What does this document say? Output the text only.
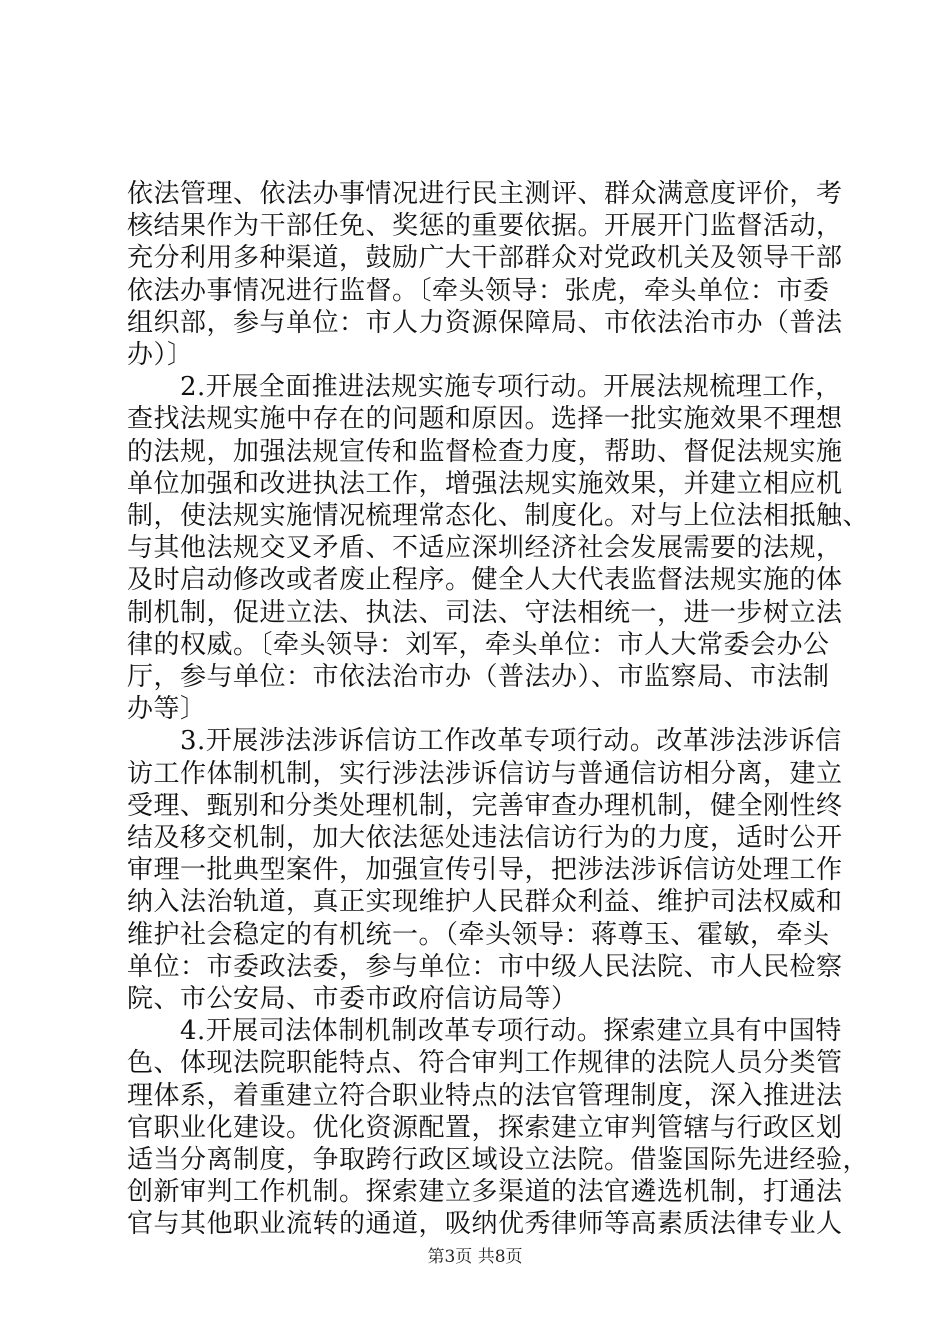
依法管理、依法办事情况进行民主测评、群众满意度评价，考
核结果作为干部任免、奖惩的重要依据。开展开门监督活动，
充分利用多种渠道，鼓励广大干部群众对党政机关及领导干部
依法办事情况进行监督。〔牵头领导：张虎，牵头单位：市委
组织部，参与单位：市人力资源保障局、市依法治市办（普法
办）〕
　　2.开展全面推进法规实施专项行动。开展法规梳理工作，
查找法规实施中存在的问题和原因。选择一批实施效果不理想
的法规，加强法规宣传和监督检查力度，帮助、督促法规实施
单位加强和改进执法工作，增强法规实施效果，并建立相应机
制，使法规实施情况梳理常态化、制度化。对与上位法相抵触、
与其他法规交叉矛盾、不适应深圳经济社会发展需要的法规，
及时启动修改或者废止程序。健全人大代表监督法规实施的体
制机制，促进立法、执法、司法、守法相统一，进一步树立法
律的权威。〔牵头领导：刘军，牵头单位：市人大常委会办公
厅，参与单位：市依法治市办（普法办）、市监察局、市法制
办等〕
　　3.开展涉法涉诉信访工作改革专项行动。改革涉法涉诉信
访工作体制机制，实行涉法涉诉信访与普通信访相分离，建立
受理、甄别和分类处理机制，完善审查办理机制，健全刚性终
结及移交机制，加大依法惩处违法信访行为的力度，适时公开
审理一批典型案件，加强宣传引导，把涉法涉诉信访处理工作
纳入法治轨道，真正实现维护人民群众利益、维护司法权威和
维护社会稳定的有机统一。（牵头领导：蒋尊玉、霍敏，牵头
单位：市委政法委，参与单位：市中级人民法院、市人民检察
院、市公安局、市委市政府信访局等）
　　4.开展司法体制机制改革专项行动。探索建立具有中国特
色、体现法院职能特点、符合审判工作规律的法院人员分类管
理体系，着重建立符合职业特点的法官管理制度，深入推进法
官职业化建设。优化资源配置，探索建立审判管辖与行政区划
适当分离制度，争取跨行政区域设立法院。借鉴国际先进经验，
创新审判工作机制。探索建立多渠道的法官遴选机制，打通法
官与其他职业流转的通道，吸纳优秀律师等高素质法律专业人
第3页 共8页
